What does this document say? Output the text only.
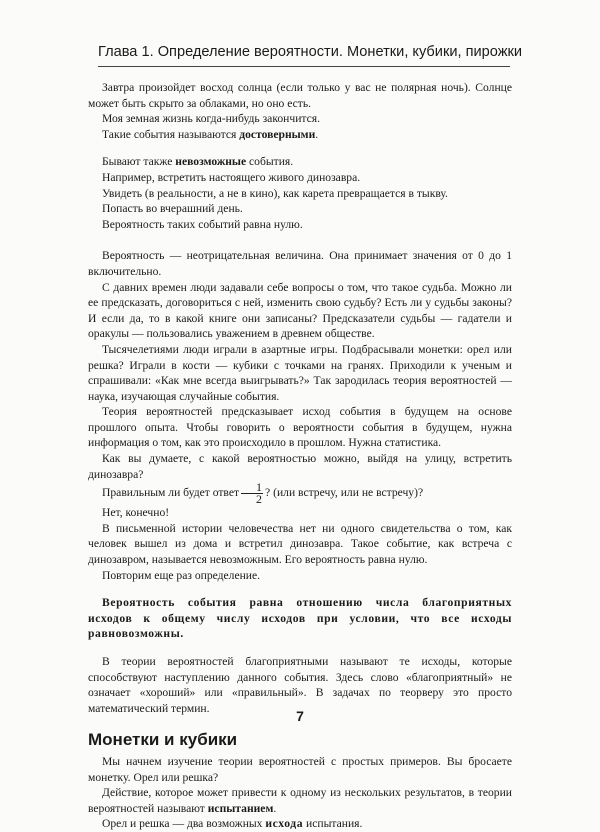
Глава 1. Определение вероятности. Монетки, кубики, пирожки

Завтра произойдет восход солнца (если только у вас не полярная ночь). Солнце может быть скрыто за облаками, но оно есть.

Моя земная жизнь когда-нибудь закончится.

Такие события называются достоверными.

Бывают также невозможные события.

Например, встретить настоящего живого динозавра.

Увидеть (в реальности, а не в кино), как карета превращается в тыкву.

Попасть во вчерашний день.

Вероятность таких событий равна нулю.

Вероятность — неотрицательная величина. Она принимает значения от 0 до 1 включительно.

С давних времен люди задавали себе вопросы о том, что такое судьба. Можно ли ее предсказать, договориться с ней, изменить свою судьбу? Есть ли у судьбы законы? И если да, то в какой книге они записаны? Предсказатели судьбы — гадатели и оракулы — пользовались уважением в древнем обществе.

Тысячелетиями люди играли в азартные игры. Подбрасывали монетки: орел или решка? Играли в кости — кубики с точками на гранях. Приходили к ученым и спрашивали: «Как мне всегда выигрывать?» Так зародилась теория вероятностей — наука, изучающая случайные события.

Теория вероятностей предсказывает исход события в будущем на основе прошлого опыта. Чтобы говорить о вероятности события в будущем, нужна информация о том, как это происходило в прошлом. Нужна статистика.

Как вы думаете, с какой вероятностью можно, выйдя на улицу, встретить динозавра?

Правильным ли будет ответ $\frac{1}{2}$ ? (или встречу, или не встречу)?

Нет, конечно!

В письменной истории человечества нет ни одного свидетельства о том, как человек вышел из дома и встретил динозавра. Такое событие, как встреча с динозавром, называется невозможным. Его вероятность равна нулю.

Повторим еще раз определение.

Вероятность события равна отношению числа благоприятных исходов к общему числу исходов при условии, что все исходы равновозможны.

В теории вероятностей благоприятными называют те исходы, которые способствуют наступлению данного события. Здесь слово «благоприятный» не означает «хороший» или «правильный». В задачах по теорверу это просто математический термин.

Монетки и кубики

Мы начнем изучение теории вероятностей с простых примеров. Вы бросаете монетку. Орел или решка?

Действие, которое может привести к одному из нескольких результатов, в теории вероятностей называют испытанием.

Орел и решка — два возможных исхода испытания.

7
